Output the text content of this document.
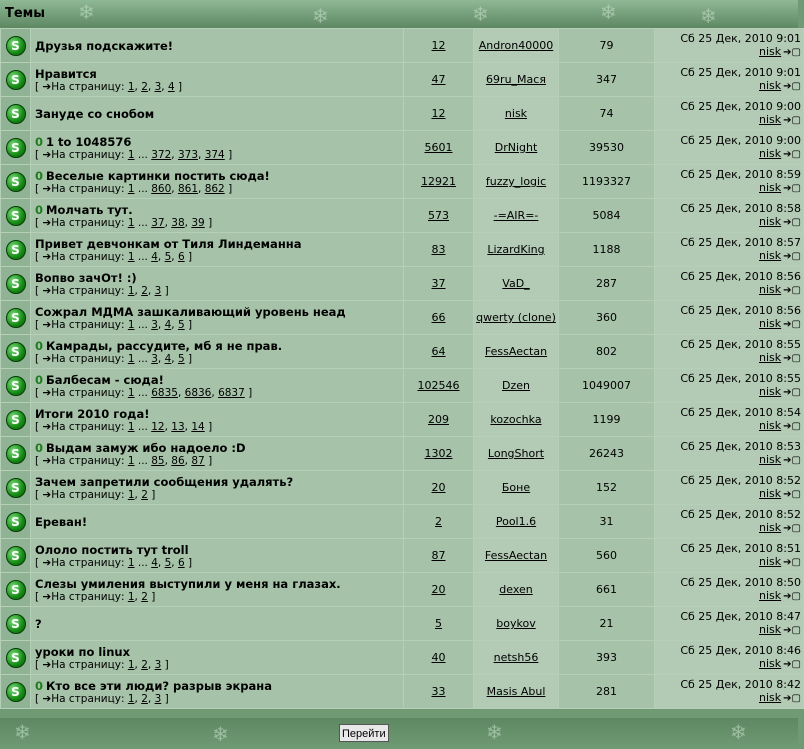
❄	❄	❄	❄	❄
Темы
S	Друзья подскажите!	12	Andron40000	79	Сб 25 Дек, 2010 9:01
nisk ➔▢

S	Нравится
[ ➔На страницу: 1, 2, 3, 4 ]	47	69ru_Мася	347	Сб 25 Дек, 2010 9:01
nisk ➔▢

S	Зануде со снобом	12	nisk	74	Сб 25 Дек, 2010 9:00
nisk ➔▢

S	0 1 to 1048576
[ ➔На страницу: 1 ... 372, 373, 374 ]	5601	DrNight	39530	Сб 25 Дек, 2010 9:00
nisk ➔▢

S	0 Веселые картинки постить сюда!
[ ➔На страницу: 1 ... 860, 861, 862 ]	12921	fuzzy_logic	1193327	Сб 25 Дек, 2010 8:59
nisk ➔▢

S	0 Молчать тут.
[ ➔На страницу: 1 ... 37, 38, 39 ]	573	-=AIR=-	5084	Сб 25 Дек, 2010 8:58
nisk ➔▢

S	Привет девчонкам от Тиля Линдеманна
[ ➔На страницу: 1 ... 4, 5, 6 ]	83	LizardKing	1188	Сб 25 Дек, 2010 8:57
nisk ➔▢

S	Вопво зачОт! :)
[ ➔На страницу: 1, 2, 3 ]	37	VaD_	287	Сб 25 Дек, 2010 8:56
nisk ➔▢

S	Сожрал МДМА зашкаливающий уровень неад
[ ➔На страницу: 1 ... 3, 4, 5 ]	66	qwerty (clone)	360	Сб 25 Дек, 2010 8:56
nisk ➔▢

S	0 Камрады, рассудите, мб я не прав.
[ ➔На страницу: 1 ... 3, 4, 5 ]	64	FessAectan	802	Сб 25 Дек, 2010 8:55
nisk ➔▢

S	0 Балбесам - сюда!
[ ➔На страницу: 1 ... 6835, 6836, 6837 ]	102546	Dzen	1049007	Сб 25 Дек, 2010 8:55
nisk ➔▢

S	Итоги 2010 года!
[ ➔На страницу: 1 ... 12, 13, 14 ]	209	kozochka	1199	Сб 25 Дек, 2010 8:54
nisk ➔▢

S	0 Выдам замуж ибо надоело :D
[ ➔На страницу: 1 ... 85, 86, 87 ]	1302	LongShort	26243	Сб 25 Дек, 2010 8:53
nisk ➔▢

S	Зачем запретили сообщения удалять?
[ ➔На страницу: 1, 2 ]	20	Боне	152	Сб 25 Дек, 2010 8:52
nisk ➔▢

S	Ереван!	2	Pool1.6	31	Сб 25 Дек, 2010 8:52
nisk ➔▢

S	Ололо постить тут troll
[ ➔На страницу: 1 ... 4, 5, 6 ]	87	FessAectan	560	Сб 25 Дек, 2010 8:51
nisk ➔▢

S	Слезы умиления выступили у меня на глазах.
[ ➔На страницу: 1, 2 ]	20	dexen	661	Сб 25 Дек, 2010 8:50
nisk ➔▢

S	?	5	boykov	21	Сб 25 Дек, 2010 8:47
nisk ➔▢

S	уроки по linux
[ ➔На страницу: 1, 2, 3 ]	40	netsh56	393	Сб 25 Дек, 2010 8:46
nisk ➔▢

S	0 Кто все эти люди? разрыв экрана
[ ➔На страницу: 1, 2, 3 ]	33	Masis Abul	281	Сб 25 Дек, 2010 8:42
nisk ➔▢
❄	❄	❄	❄
Перейти
